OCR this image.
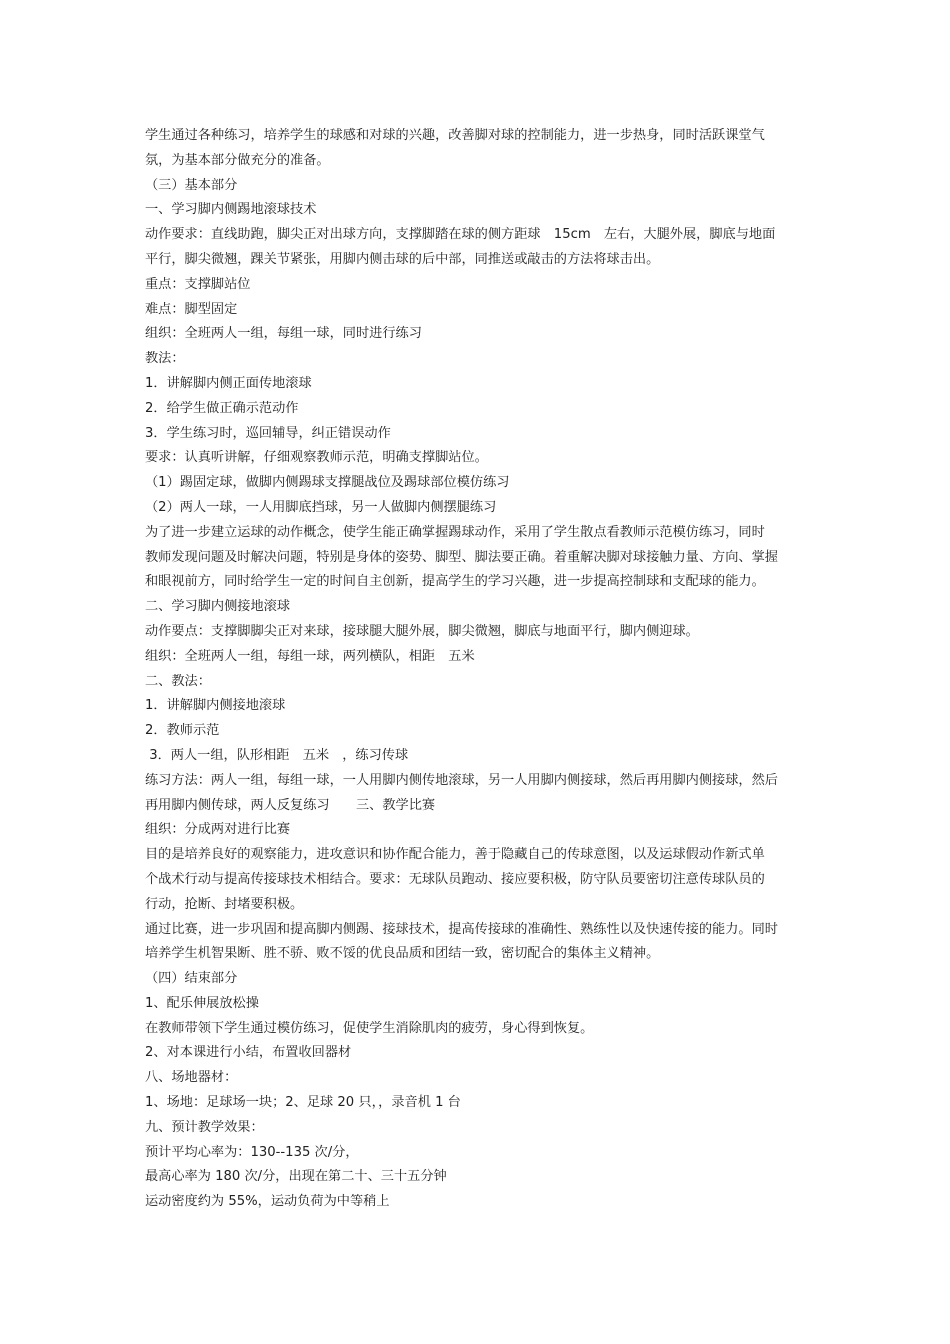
学生通过各种练习，培养学生的球感和对球的兴趣，改善脚对球的控制能力，进一步热身，同时活跃课堂气
氛，为基本部分做充分的准备。
（三）基本部分
一、学习脚内侧踢地滚球技术
动作要求：直线助跑，脚尖正对出球方向，支撑脚踏在球的侧方距球　15cm　左右，大腿外展，脚底与地面
平行，脚尖微翘，踝关节紧张，用脚内侧击球的后中部，同推送或敲击的方法将球击出。
重点：支撑脚站位
难点：脚型固定
组织：全班两人一组，每组一球，同时进行练习
教法：
1．讲解脚内侧正面传地滚球
2．给学生做正确示范动作
3．学生练习时，巡回辅导，纠正错误动作
要求：认真听讲解，仔细观察教师示范，明确支撑脚站位。
（1）踢固定球，做脚内侧踢球支撑腿战位及踢球部位模仿练习
（2）两人一球，一人用脚底挡球，另一人做脚内侧摆腿练习
为了进一步建立运球的动作概念，使学生能正确掌握踢球动作，采用了学生散点看教师示范模仿练习，同时
教师发现问题及时解决问题，特别是身体的姿势、脚型、脚法要正确。着重解决脚对球接触力量、方向、掌握
和眼视前方，同时给学生一定的时间自主创新，提高学生的学习兴趣，进一步提高控制球和支配球的能力。
二、学习脚内侧接地滚球
动作要点：支撑脚脚尖正对来球，接球腿大腿外展，脚尖微翘，脚底与地面平行，脚内侧迎球。
组织：全班两人一组，每组一球，两列横队，相距　五米
二、教法：
1．讲解脚内侧接地滚球
2．教师示范
3．两人一组，队形相距　五米　，练习传球
练习方法：两人一组，每组一球，一人用脚内侧传地滚球，另一人用脚内侧接球，然后再用脚内侧接球，然后
再用脚内侧传球，两人反复练习　　三、教学比赛
组织：分成两对进行比赛
目的是培养良好的观察能力，进攻意识和协作配合能力，善于隐藏自己的传球意图，以及运球假动作新式单
个战术行动与提高传接球技术相结合。要求：无球队员跑动、接应要积极，防守队员要密切注意传球队员的
行动，抢断、封堵要积极。
通过比赛，进一步巩固和提高脚内侧踢、接球技术，提高传接球的准确性、熟练性以及快速传接的能力。同时
培养学生机智果断、胜不骄、败不馁的优良品质和团结一致，密切配合的集体主义精神。
（四）结束部分
1、配乐伸展放松操
在教师带领下学生通过模仿练习，促使学生消除肌肉的疲劳，身心得到恢复。
2、对本课进行小结，布置收回器材
八、场地器材：
1、场地：足球场一块；2、足球 20 只，，录音机 1 台
九、预计教学效果：
预计平均心率为：130--135 次/分，
最高心率为 180 次/分，出现在第二十、三十五分钟
运动密度约为 55%，运动负荷为中等稍上
